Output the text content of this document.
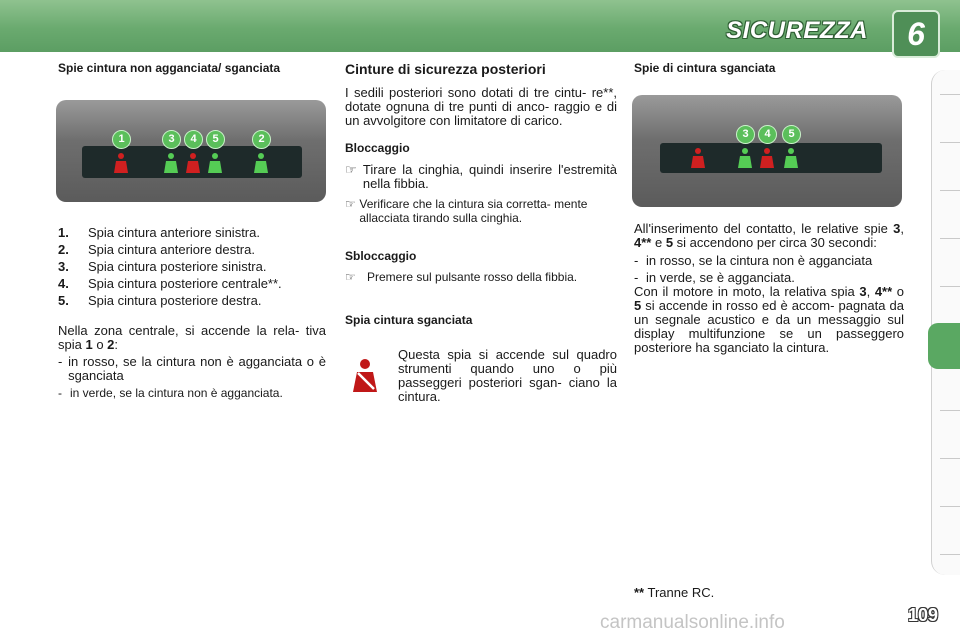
SICUREZZA	6

Spie cintura non agganciata/ sganciata

1	3	4	5	2
1.	Spia cintura anteriore sinistra.
2.	Spia cintura anteriore destra.
3.	Spia cintura posteriore sinistra.
4.	Spia cintura posteriore centrale**.
5.	Spia cintura posteriore destra.

Nella zona centrale, si accende la rela- tiva spia 1 o 2:

- in rosso, se la cintura non è agganciata o è sganciata
- in verde, se la cintura non è agganciata.

Cinture di sicurezza posteriori

I sedili posteriori sono dotati di tre cintu- re**, dotate ognuna di tre punti di anco- raggio e di un avvolgitore con limitatore di carico.

Bloccaggio

☞ Tirare la cinghia, quindi inserire l'estremità nella fibbia.
☞ Verificare che la cintura sia corretta- mente allacciata tirando sulla cinghia.

Sbloccaggio

☞ Premere sul pulsante rosso della fibbia.

Spia cintura sganciata

Questa spia si accende sul quadro strumenti quando uno o più passeggeri posteriori sgan- ciano la cintura.

Spie di cintura sganciata

3	4	5

All'inserimento del contatto, le relative spie 3, 4** e 5 si accendono per circa 30 secondi:

- in rosso, se la cintura non è agganciata
- in verde, se è agganciata.

Con il motore in moto, la relativa spia 3, 4** o 5 si accende in rosso ed è accom- pagnata da un segnale acustico e da un messaggio sul display multifunzione se un passeggero posteriore ha sganciato la cintura.

** Tranne RC.
carmanualsonline.info	109
